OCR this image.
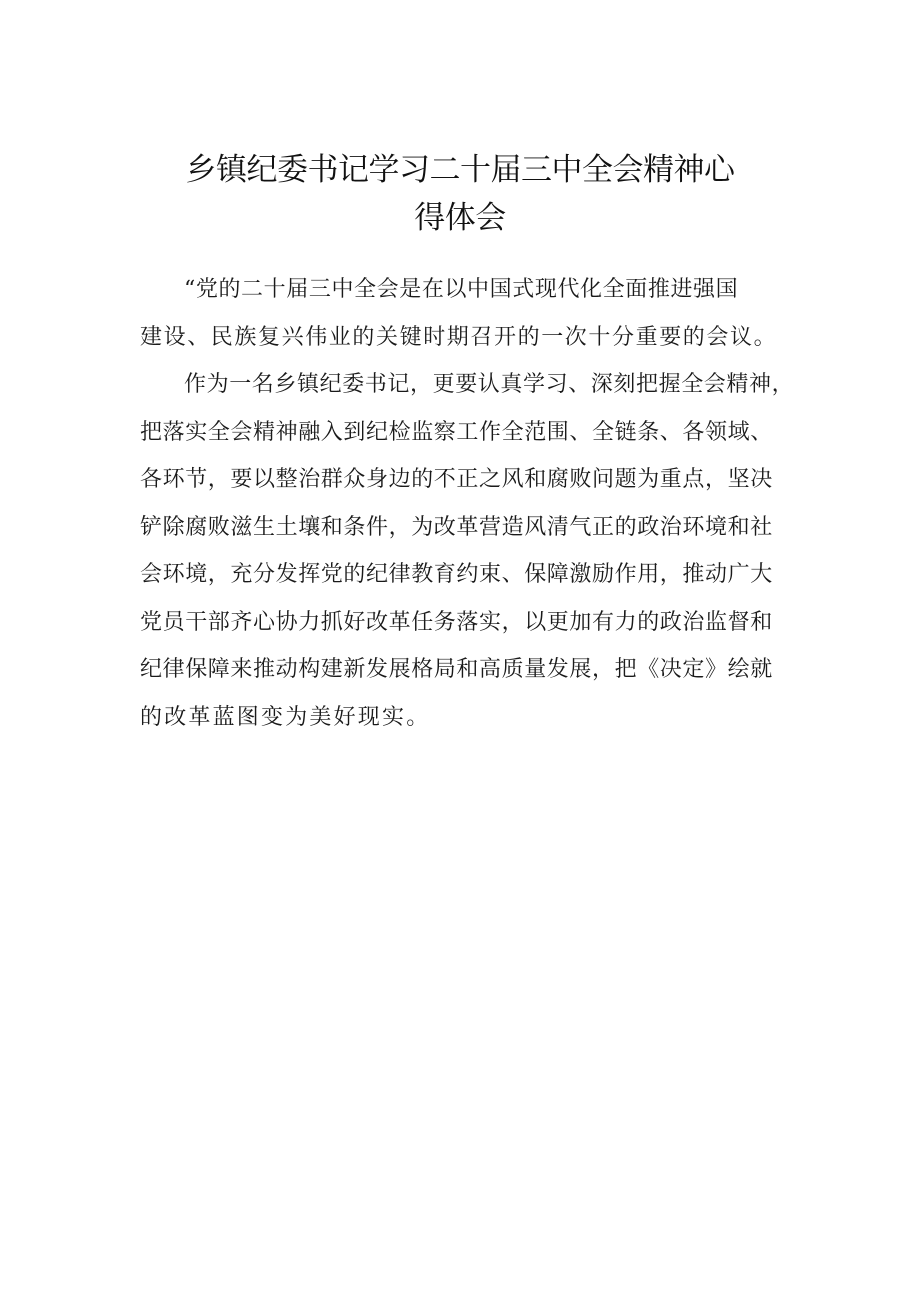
乡镇纪委书记学习二十届三中全会精神心
得体会
“党的二十届三中全会是在以中国式现代化全面推进强国
建设、民族复兴伟业的关键时期召开的一次十分重要的会议。
作为一名乡镇纪委书记，更要认真学习、深刻把握全会精神，
把落实全会精神融入到纪检监察工作全范围、全链条、各领域、
各环节，要以整治群众身边的不正之风和腐败问题为重点，坚决
铲除腐败滋生土壤和条件，为改革营造风清气正的政治环境和社
会环境，充分发挥党的纪律教育约束、保障激励作用，推动广大
党员干部齐心协力抓好改革任务落实，以更加有力的政治监督和
纪律保障来推动构建新发展格局和高质量发展，把《决定》绘就
的改革蓝图变为美好现实。
